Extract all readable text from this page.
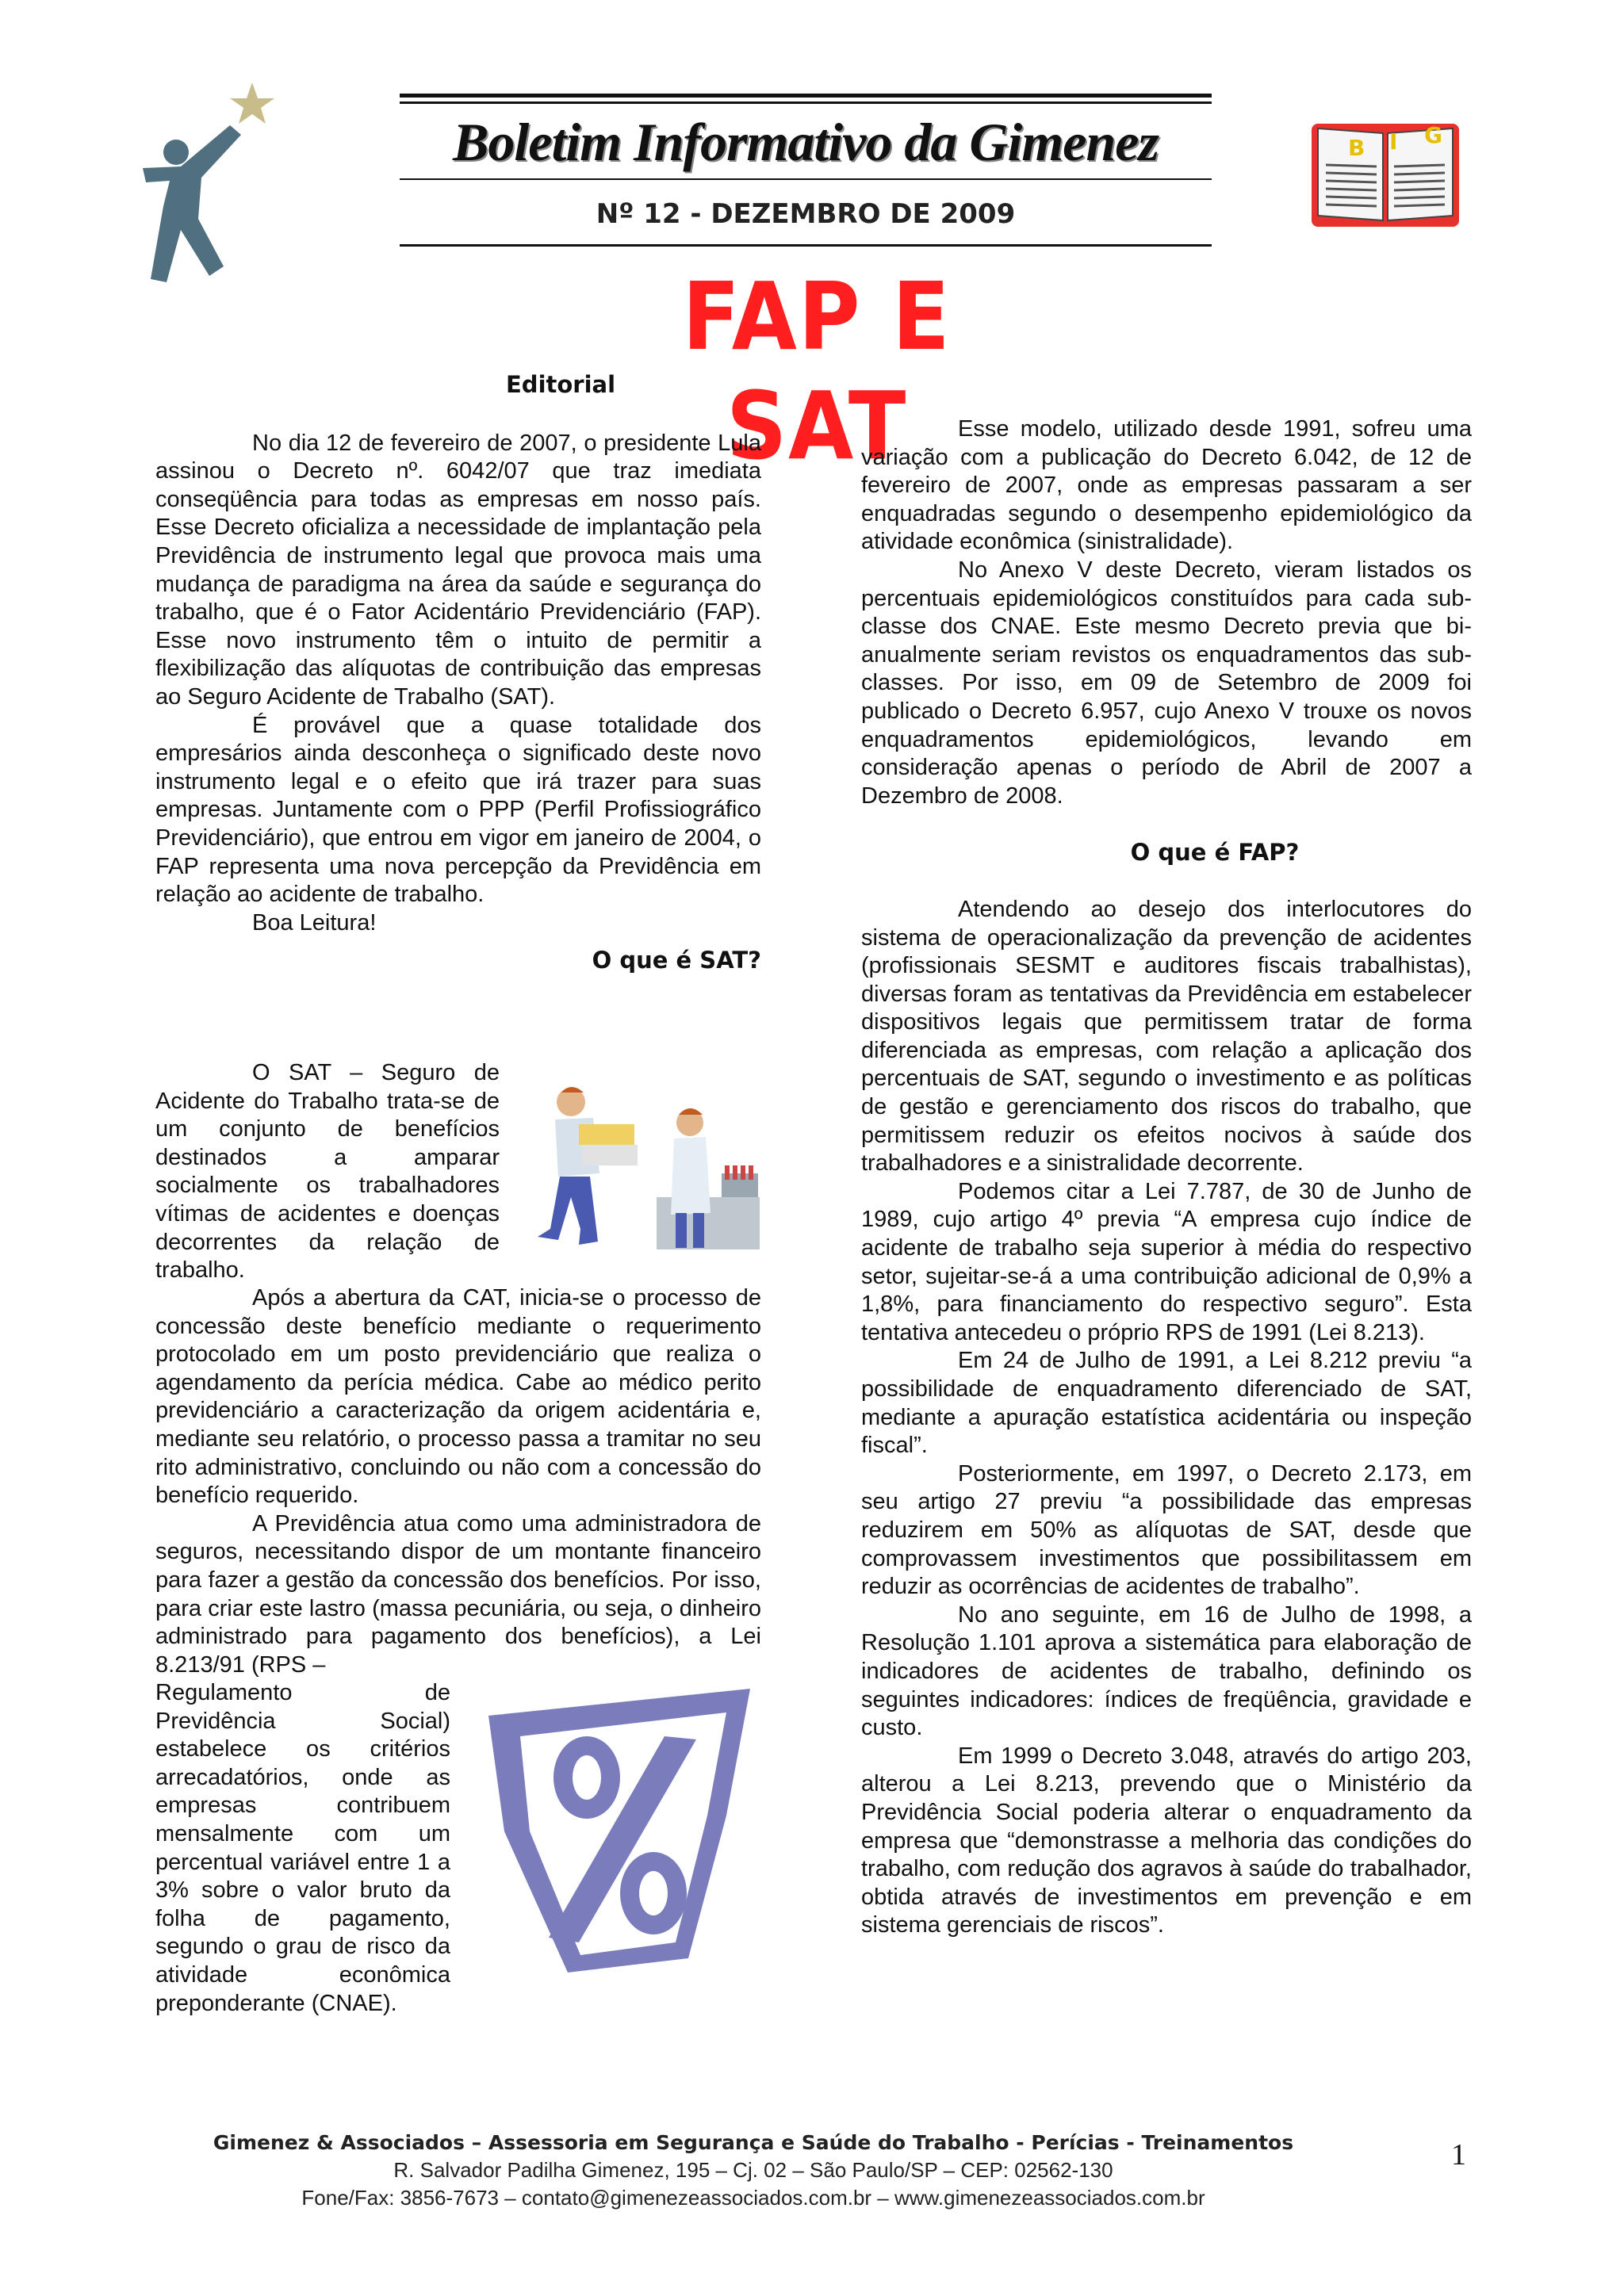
Boletim Informativo da Gimenez
Nº 12 - DEZEMBRO DE 2009
B I G
FAP E SAT

Editorial

No dia 12 de fevereiro de 2007, o presidente Lula assinou o Decreto nº. 6042/07 que traz imediata conseqüência para todas as empresas em nosso país. Esse Decreto oficializa a necessidade de implantação pela Previdência de instrumento legal que provoca mais uma mudança de paradigma na área da saúde e segurança do trabalho, que é o Fator Acidentário Previdenciário (FAP). Esse novo instrumento têm o intuito de permitir a flexibilização das alíquotas de contribuição das empresas ao Seguro Acidente de Trabalho (SAT).

É provável que a quase totalidade dos empresários ainda desconheça o significado deste novo instrumento legal e o efeito que irá trazer para suas empresas. Juntamente com o PPP (Perfil Profissiográfico Previdenciário), que entrou em vigor em janeiro de 2004, o FAP representa uma nova percepção da Previdência em relação ao acidente de trabalho.

Boa Leitura!

O que é SAT?

O SAT – Seguro de Acidente do Trabalho trata-se de um conjunto de benefícios destinados a amparar socialmente os trabalhadores vítimas de acidentes e doenças decorrentes da relação de trabalho.

Após a abertura da CAT, inicia-se o processo de concessão deste benefício mediante o requerimento protocolado em um posto previdenciário que realiza o agendamento da perícia médica. Cabe ao médico perito previdenciário a caracterização da origem acidentária e, mediante seu relatório, o processo passa a tramitar no seu rito administrativo, concluindo ou não com a concessão do benefício requerido.

A Previdência atua como uma administradora de seguros, necessitando dispor de um montante financeiro para fazer a gestão da concessão dos benefícios. Por isso, para criar este lastro (massa pecuniária, ou seja, o dinheiro administrado para pagamento dos benefícios), a Lei 8.213/91 (RPS –

Regulamento de Previdência Social) estabelece os critérios arrecadatórios, onde as empresas contribuem mensalmente com um percentual variável entre 1 a 3% sobre o valor bruto da folha de pagamento, segundo o grau de risco da atividade econômica preponderante (CNAE).

Esse modelo, utilizado desde 1991, sofreu uma variação com a publicação do Decreto 6.042, de 12 de fevereiro de 2007, onde as empresas passaram a ser enquadradas segundo o desempenho epidemiológico da atividade econômica (sinistralidade).

No Anexo V deste Decreto, vieram listados os percentuais epidemiológicos constituídos para cada sub-classe dos CNAE. Este mesmo Decreto previa que bi-anualmente seriam revistos os enquadramentos das sub-classes. Por isso, em 09 de Setembro de 2009 foi publicado o Decreto 6.957, cujo Anexo V trouxe os novos enquadramentos epidemiológicos, levando em consideração apenas o período de Abril de 2007 a Dezembro de 2008.

O que é FAP?

Atendendo ao desejo dos interlocutores do sistema de operacionalização da prevenção de acidentes (profissionais SESMT e auditores fiscais trabalhistas), diversas foram as tentativas da Previdência em estabelecer dispositivos legais que permitissem tratar de forma diferenciada as empresas, com relação a aplicação dos percentuais de SAT, segundo o investimento e as políticas de gestão e gerenciamento dos riscos do trabalho, que permitissem reduzir os efeitos nocivos à saúde dos trabalhadores e a sinistralidade decorrente.

Podemos citar a Lei 7.787, de 30 de Junho de 1989, cujo artigo 4º previa “A empresa cujo índice de acidente de trabalho seja superior à média do respectivo setor, sujeitar-se-á a uma contribuição adicional de 0,9% a 1,8%, para financiamento do respectivo seguro”. Esta tentativa antecedeu o próprio RPS de 1991 (Lei 8.213).

Em 24 de Julho de 1991, a Lei 8.212 previu “a possibilidade de enquadramento diferenciado de SAT, mediante a apuração estatística acidentária ou inspeção fiscal”.

Posteriormente, em 1997, o Decreto 2.173, em seu artigo 27 previu “a possibilidade das empresas reduzirem em 50% as alíquotas de SAT, desde que comprovassem investimentos que possibilitassem em reduzir as ocorrências de acidentes de trabalho”.

No ano seguinte, em 16 de Julho de 1998, a Resolução 1.101 aprova a sistemática para elaboração de indicadores de acidentes de trabalho, definindo os seguintes indicadores: índices de freqüência, gravidade e custo.

Em 1999 o Decreto 3.048, através do artigo 203, alterou a Lei 8.213, prevendo que o Ministério da Previdência Social poderia alterar o enquadramento da empresa que “demonstrasse a melhoria das condições do trabalho, com redução dos agravos à saúde do trabalhador, obtida através de investimentos em prevenção e em sistema gerenciais de riscos”.

Gimenez & Associados – Assessoria em Segurança e Saúde do Trabalho - Perícias - Treinamentos
R. Salvador Padilha Gimenez, 195 – Cj. 02 – São Paulo/SP – CEP: 02562-130
Fone/Fax: 3856-7673 – contato@gimenezeassociados.com.br – www.gimenezeassociados.com.br
1
